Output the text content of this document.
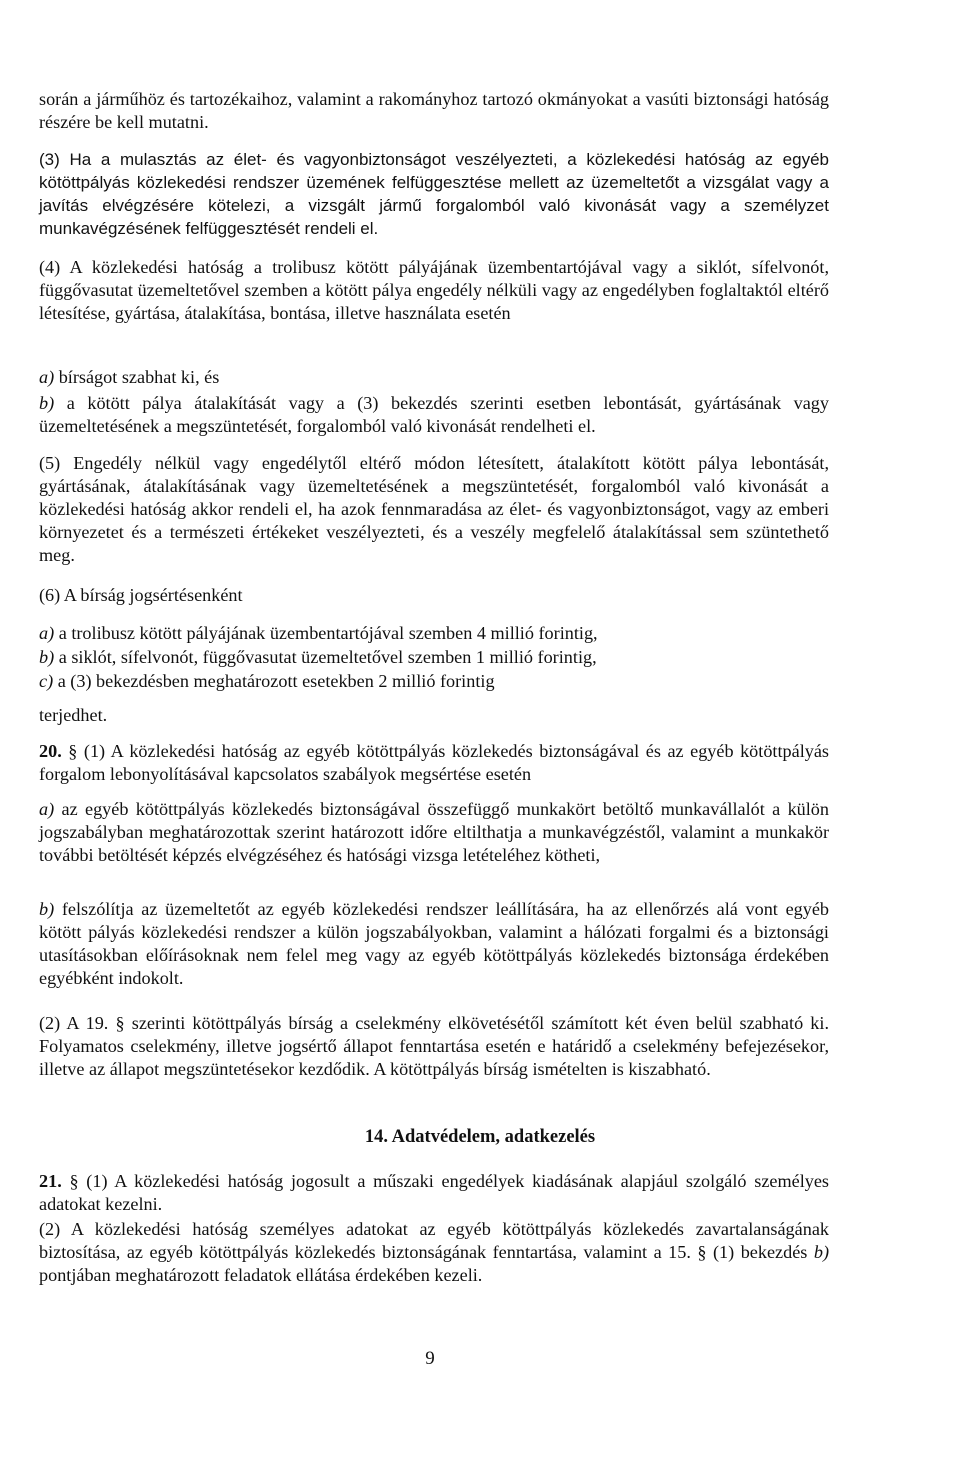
során a járműhöz és tartozékaihoz, valamint a rakományhoz tartozó okmányokat a vasúti biztonsági hatóság részére be kell mutatni.

(3) Ha a mulasztás az élet- és vagyonbiztonságot veszélyezteti, a közlekedési hatóság az egyéb kötöttpályás közlekedési rendszer üzemének felfüggesztése mellett az üzemeltetőt a vizsgálat vagy a javítás elvégzésére kötelezi, a vizsgált jármű forgalomból való kivonását vagy a személyzet munkavégzésének felfüggesztését rendeli el.

(4) A közlekedési hatóság a trolibusz kötött pályájának üzembentartójával vagy a siklót, sífelvonót, függővasutat üzemeltetővel szemben a kötött pálya engedély nélküli vagy az engedélyben foglaltaktól eltérő létesítése, gyártása, átalakítása, bontása, illetve használata esetén

a) bírságot szabhat ki, és

b) a kötött pálya átalakítását vagy a (3) bekezdés szerinti esetben lebontását, gyártásának vagy üzemeltetésének a megszüntetését, forgalomból való kivonását rendelheti el.

(5) Engedély nélkül vagy engedélytől eltérő módon létesített, átalakított kötött pálya lebontását, gyártásának, átalakításának vagy üzemeltetésének a megszüntetését, forgalomból való kivonását a közlekedési hatóság akkor rendeli el, ha azok fennmaradása az élet- és vagyonbiztonságot, vagy az emberi környezetet és a természeti értékeket veszélyezteti, és a veszély megfelelő átalakítással sem szüntethető meg.

(6) A bírság jogsértésenként

a) a trolibusz kötött pályájának üzembentartójával szemben 4 millió forintig,

b) a siklót, sífelvonót, függővasutat üzemeltetővel szemben 1 millió forintig,

c) a (3) bekezdésben meghatározott esetekben 2 millió forintig

terjedhet.

20. § (1) A közlekedési hatóság az egyéb kötöttpályás közlekedés biztonságával és az egyéb kötöttpályás forgalom lebonyolításával kapcsolatos szabályok megsértése esetén

a) az egyéb kötöttpályás közlekedés biztonságával összefüggő munkakört betöltő munkavállalót a külön jogszabályban meghatározottak szerint határozott időre eltilthatja a munkavégzéstől, valamint a munkakör további betöltését képzés elvégzéséhez és hatósági vizsga letételéhez kötheti,

b) felszólítja az üzemeltetőt az egyéb közlekedési rendszer leállítására, ha az ellenőrzés alá vont egyéb kötött pályás közlekedési rendszer a külön jogszabályokban, valamint a hálózati forgalmi és a biztonsági utasításokban előírásoknak nem felel meg vagy az egyéb kötöttpályás közlekedés biztonsága érdekében egyébként indokolt.

(2) A 19. § szerinti kötöttpályás bírság a cselekmény elkövetésétől számított két éven belül szabható ki. Folyamatos cselekmény, illetve jogsértő állapot fenntartása esetén e határidő a cselekmény befejezésekor, illetve az állapot megszüntetésekor kezdődik. A kötöttpályás bírság ismételten is kiszabható.

14. Adatvédelem, adatkezelés

21. § (1) A közlekedési hatóság jogosult a műszaki engedélyek kiadásának alapjául szolgáló személyes adatokat kezelni.

(2) A közlekedési hatóság személyes adatokat az egyéb kötöttpályás közlekedés zavartalanságának biztosítása, az egyéb kötöttpályás közlekedés biztonságának fenntartása, valamint a 15. § (1) bekezdés b) pontjában meghatározott feladatok ellátása érdekében kezeli.

9
